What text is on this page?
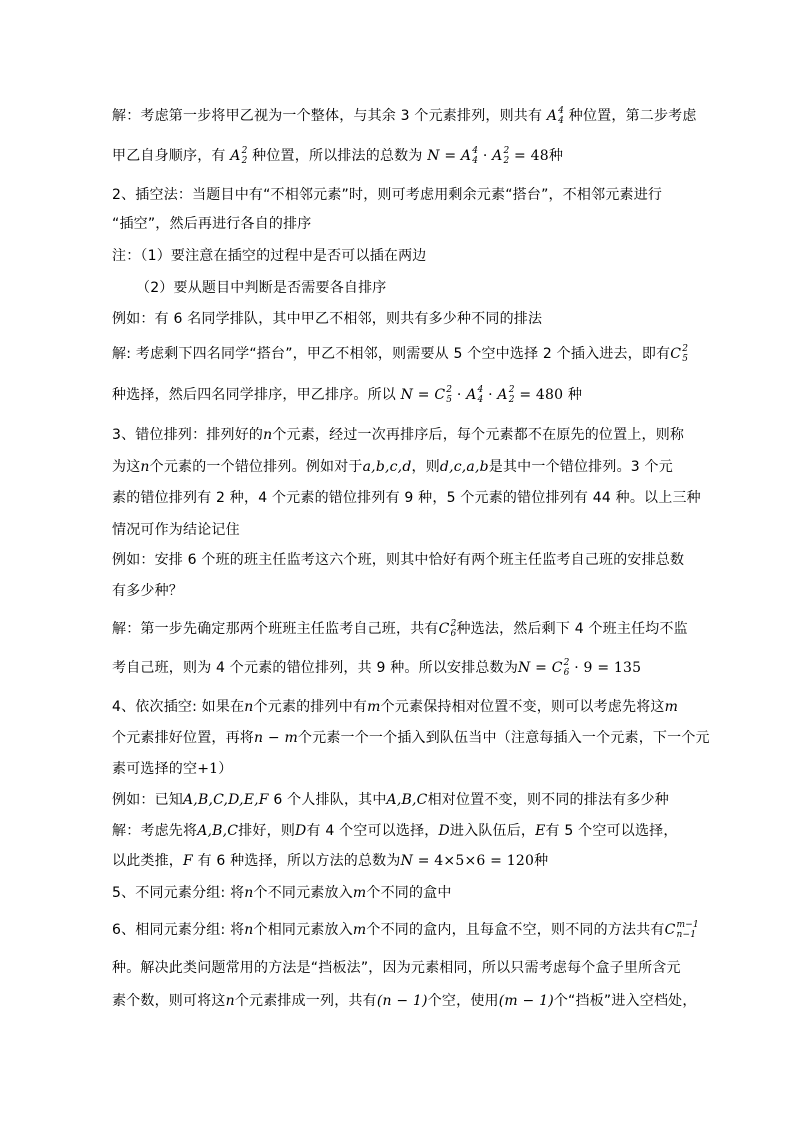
解：考虑第一步将甲乙视为一个整体，与其余 3 个元素排列，则共有 A 4
4 种位置，第二步考虑
甲乙自身顺序，有 A 2
2 种位置，所以排法的总数为 N = A 4
4 · A 2
2 = 48种
2、插空法：当题目中有“不相邻元素”时，则可考虑用剩余元素“搭台”，不相邻元素进行
“插空”，然后再进行各自的排序
注：（1）要注意在插空的过程中是否可以插在两边
（2）要从题目中判断是否需要各自排序
例如：有 6 名同学排队，其中甲乙不相邻，则共有多少种不同的排法
解: 考虑剩下四名同学“搭台”，甲乙不相邻，则需要从 5 个空中选择 2 个插入进去，即有C 2
5
种选择，然后四名同学排序，甲乙排序。所以 N = C 2
5 · A 4
4 · A 2
2 = 480 种
3、错位排列：排列好的n个元素，经过一次再排序后，每个元素都不在原先的位置上，则称
为这n个元素的一个错位排列。例如对于a,b,c,d，则d,c,a,b是其中一个错位排列。3 个元
素的错位排列有 2 种，4 个元素的错位排列有 9 种，5 个元素的错位排列有 44 种。以上三种
情况可作为结论记住
例如：安排 6 个班的班主任监考这六个班，则其中恰好有两个班主任监考自己班的安排总数
有多少种？
解：第一步先确定那两个班班主任监考自己班，共有C 2
6 种选法，然后剩下 4 个班主任均不监
考自己班，则为 4 个元素的错位排列，共 9 种。所以安排总数为N = C 2
6 · 9 = 135
4、依次插空: 如果在n个元素的排列中有m个元素保持相对位置不变，则可以考虑先将这m
个元素排好位置，再将n − m个元素一个一个插入到队伍当中（注意每插入一个元素，下一个元
素可选择的空+1）
例如：已知A,B,C,D,E,F 6 个人排队，其中A,B,C相对位置不变，则不同的排法有多少种
解：考虑先将A,B,C排好，则D有 4 个空可以选择，D进入队伍后，E有 5 个空可以选择，
以此类推，F 有 6 种选择，所以方法的总数为N = 4×5×6 = 120种
5、不同元素分组: 将n个不同元素放入m个不同的盒中
6、相同元素分组: 将n个相同元素放入m个不同的盒内，且每盒不空，则不同的方法共有C m−1
n−1
种。解决此类问题常用的方法是“挡板法”，因为元素相同，所以只需考虑每个盒子里所含元
素个数，则可将这n个元素排成一列，共有(n − 1)个空，使用(m − 1)个“挡板”进入空档处，
